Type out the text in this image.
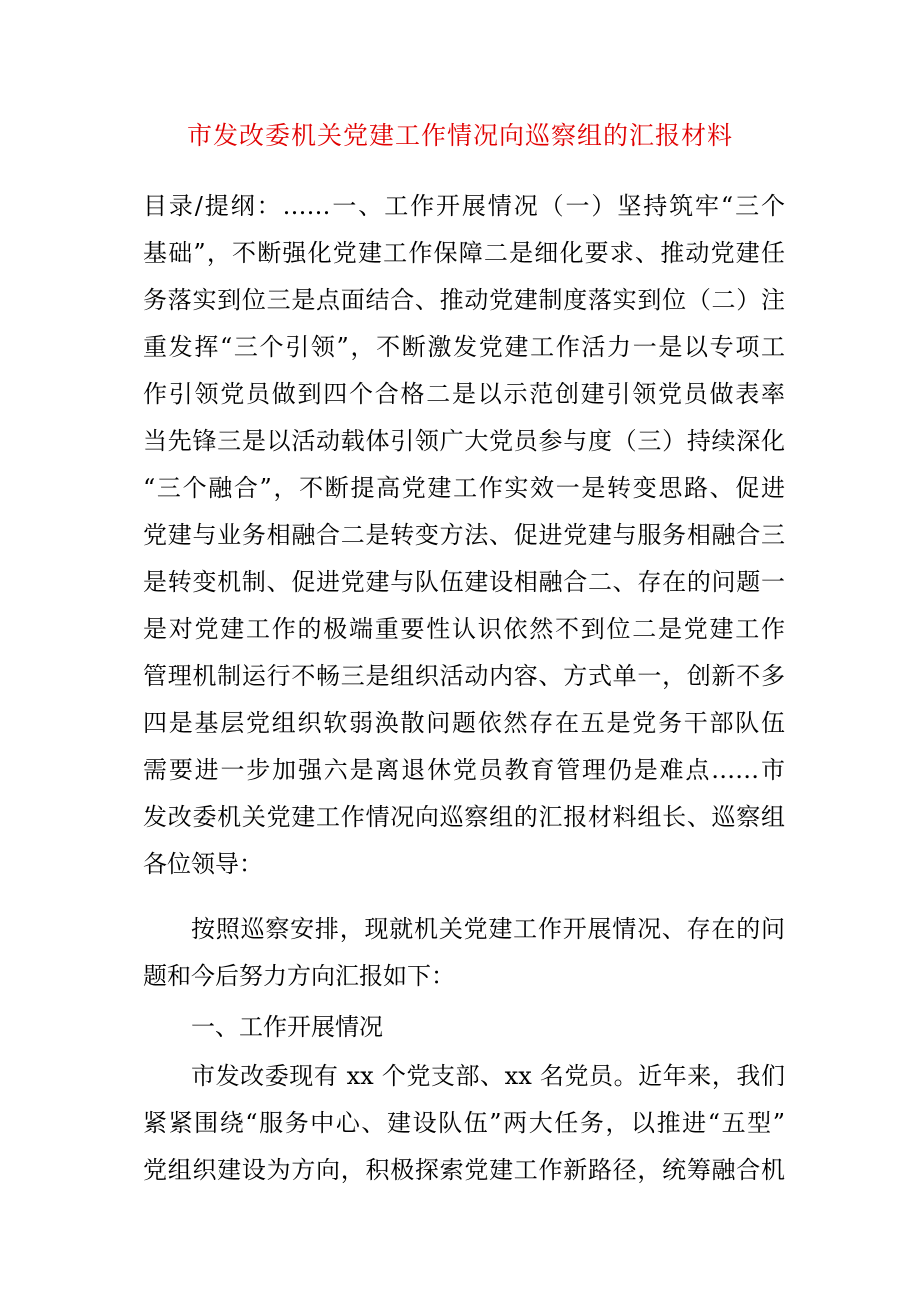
市发改委机关党建工作情况向巡察组的汇报材料
目录/提纲：……一、工作开展情况（一）坚持筑牢“三个
基础”，不断强化党建工作保障二是细化要求、推动党建任
务落实到位三是点面结合、推动党建制度落实到位（二）注
重发挥“三个引领”，不断激发党建工作活力一是以专项工
作引领党员做到四个合格二是以示范创建引领党员做表率
当先锋三是以活动载体引领广大党员参与度（三）持续深化
“三个融合”，不断提高党建工作实效一是转变思路、促进
党建与业务相融合二是转变方法、促进党建与服务相融合三
是转变机制、促进党建与队伍建设相融合二、存在的问题一
是对党建工作的极端重要性认识依然不到位二是党建工作
管理机制运行不畅三是组织活动内容、方式单一，创新不多
四是基层党组织软弱涣散问题依然存在五是党务干部队伍
需要进一步加强六是离退休党员教育管理仍是难点……市
发改委机关党建工作情况向巡察组的汇报材料组长、巡察组
各位领导：
按照巡察安排，现就机关党建工作开展情况、存在的问
题和今后努力方向汇报如下：
一、工作开展情况
市发改委现有 xx 个党支部、xx 名党员。近年来，我们
紧紧围绕“服务中心、建设队伍”两大任务，以推进“五型”
党组织建设为方向，积极探索党建工作新路径，统筹融合机
